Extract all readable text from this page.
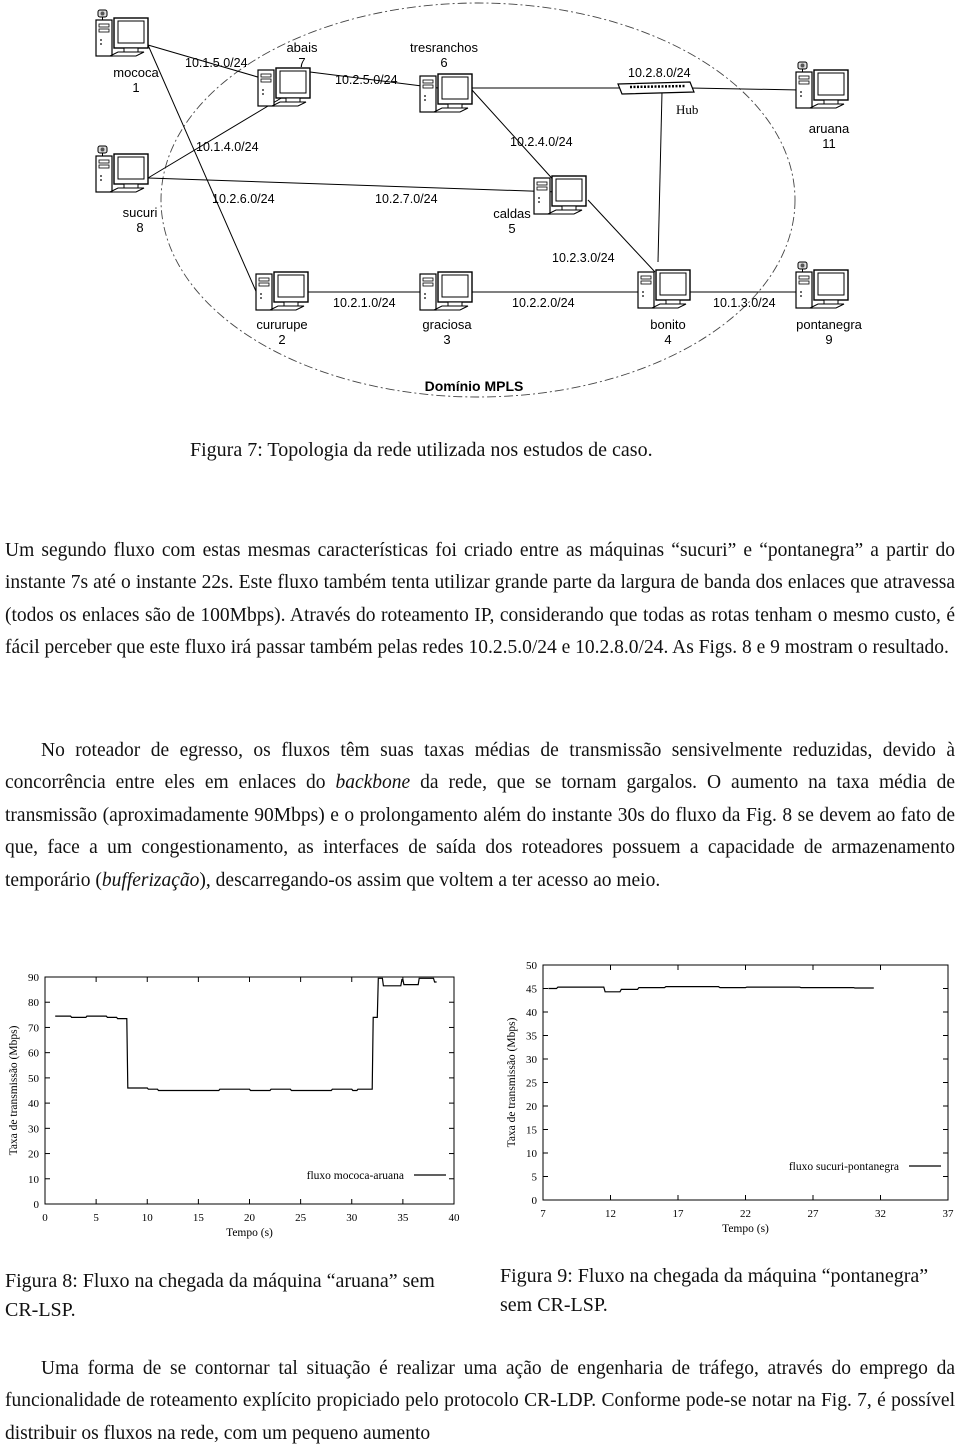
mococa
1
abais
7
tresranchos
6
aruana
11
sucuri
8
caldas
5
cururupe
2
graciosa
3
bonito
4
pontanegra
9
10.1.5.0/24
10.2.5.0/24	10.2.8.0/24
10.1.4.0/24	10.2.4.0/24
10.2.6.0/24	10.2.7.0/24
10.2.3.0/24
10.2.1.0/24	10.2.2.0/24	10.1.3.0/24
Hub
Domínio MPLS
Figura 7: Topologia da rede utilizada nos estudos de caso.

Um segundo fluxo com estas mesmas características foi criado entre as máquinas “sucuri” e “pontanegra” a partir do instante 7s até o instante 22s. Este fluxo também tenta utilizar grande parte da largura de banda dos enlaces que atravessa (todos os enlaces são de 100Mbps). Através do roteamento IP, considerando que todas as rotas tenham o mesmo custo, é fácil perceber que este fluxo irá passar também pelas redes 10.2.5.0/24 e 10.2.8.0/24. As Figs. 8 e 9 mostram o resultado.

No roteador de egresso, os fluxos têm suas taxas médias de transmissão sensivelmente reduzidas, devido à concorrência entre eles em enlaces do backbone da rede, que se tornam gargalos. O aumento na taxa média de transmissão (aproximadamente 90Mbps) e o prolongamento além do instante 30s do fluxo da Fig. 8 se devem ao fato de que, face a um congestionamento, as interfaces de saída dos roteadores possuem a capacidade de armazenamento temporário (bufferização), descarregando-os assim que voltem a ter acesso ao meio.

0	5	10	15	20	25	30	35	40
0
10
20
30
40
50
60
70
80
90
Tempo (s)
Taxa de transmissão (Mbps)
fluxo mococa-aruana
7	12	17	22	27	32	37
0
5
10
15
20
25
30
35
40
45
50
Tempo (s)
Taxa de transmissão (Mbps)
fluxo sucuri-pontanegra
Figura 8: Fluxo na chegada da máquina “aruana” sem CR-LSP.
Figura 9: Fluxo na chegada da máquina “pontanegra” sem CR-LSP.

Uma forma de se contornar tal situação é realizar uma ação de engenharia de tráfego, através do emprego da funcionalidade de roteamento explícito propiciado pelo protocolo CR-LDP. Conforme pode-se notar na Fig. 7, é possível distribuir os fluxos na rede, com um pequeno aumento
